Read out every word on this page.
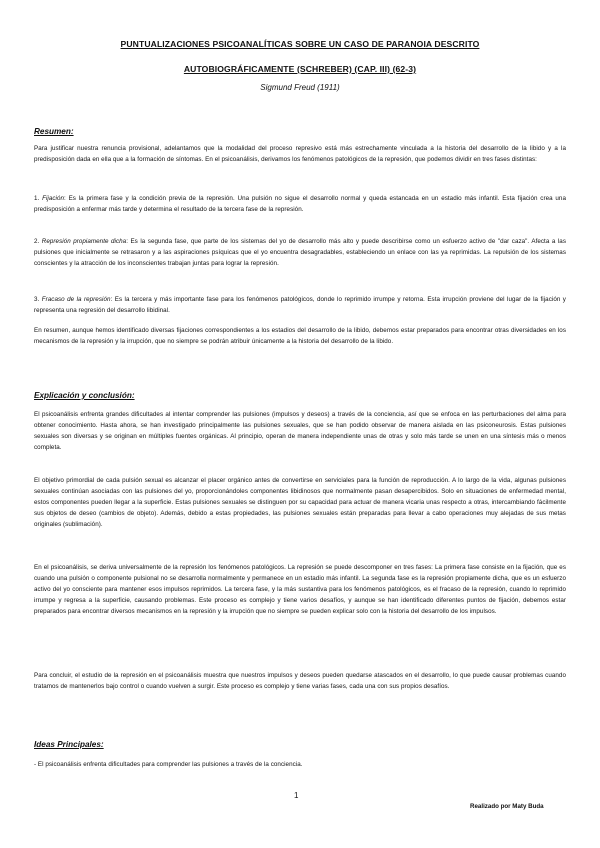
PUNTUALIZACIONES PSICOANALÍTICAS SOBRE UN CASO DE PARANOIA DESCRITO
AUTOBIOGRÁFICAMENTE (SCHREBER) (CAP. III) (62-3)
Sigmund Freud (1911)
Resumen:

Para justificar nuestra renuncia provisional, adelantamos que la modalidad del proceso represivo está más estrechamente vinculada a la historia del desarrollo de la libido y a la predisposición dada en ella que a la formación de síntomas. En el psicoanálisis, derivamos los fenómenos patológicos de la represión, que podemos dividir en tres fases distintas:

1. Fijación: Es la primera fase y la condición previa de la represión. Una pulsión no sigue el desarrollo normal y queda estancada en un estadio más infantil. Esta fijación crea una predisposición a enfermar más tarde y determina el resultado de la tercera fase de la represión.

2. Represión propiamente dicha: Es la segunda fase, que parte de los sistemas del yo de desarrollo más alto y puede describirse como un esfuerzo activo de "dar caza". Afecta a las pulsiones que inicialmente se retrasaron y a las aspiraciones psíquicas que el yo encuentra desagradables, estableciendo un enlace con las ya reprimidas. La repulsión de los sistemas conscientes y la atracción de los inconscientes trabajan juntas para lograr la represión.

3. Fracaso de la represión: Es la tercera y más importante fase para los fenómenos patológicos, donde lo reprimido irrumpe y retorna. Esta irrupción proviene del lugar de la fijación y representa una regresión del desarrollo libidinal.

En resumen, aunque hemos identificado diversas fijaciones correspondientes a los estadios del desarrollo de la libido, debemos estar preparados para encontrar otras diversidades en los mecanismos de la represión y la irrupción, que no siempre se podrán atribuir únicamente a la historia del desarrollo de la libido.

Explicación y conclusión:

El psicoanálisis enfrenta grandes dificultades al intentar comprender las pulsiones (impulsos y deseos) a través de la conciencia, así que se enfoca en las perturbaciones del alma para obtener conocimiento. Hasta ahora, se han investigado principalmente las pulsiones sexuales, que se han podido observar de manera aislada en las psiconeurosis. Estas pulsiones sexuales son diversas y se originan en múltiples fuentes orgánicas. Al principio, operan de manera independiente unas de otras y solo más tarde se unen en una síntesis más o menos completa.

El objetivo primordial de cada pulsión sexual es alcanzar el placer orgánico antes de convertirse en serviciales para la función de reproducción. A lo largo de la vida, algunas pulsiones sexuales continúan asociadas con las pulsiones del yo, proporcionándoles componentes libidinosos que normalmente pasan desapercibidos. Solo en situaciones de enfermedad mental, estos componentes pueden llegar a la superficie. Estas pulsiones sexuales se distinguen por su capacidad para actuar de manera vicaria unas respecto a otras, intercambiando fácilmente sus objetos de deseo (cambios de objeto). Además, debido a estas propiedades, las pulsiones sexuales están preparadas para llevar a cabo operaciones muy alejadas de sus metas originales (sublimación).

En el psicoanálisis, se deriva universalmente de la represión los fenómenos patológicos. La represión se puede descomponer en tres fases: La primera fase consiste en la fijación, que es cuando una pulsión o componente pulsional no se desarrolla normalmente y permanece en un estadio más infantil. La segunda fase es la represión propiamente dicha, que es un esfuerzo activo del yo consciente para mantener esos impulsos reprimidos. La tercera fase, y la más sustantiva para los fenómenos patológicos, es el fracaso de la represión, cuando lo reprimido irrumpe y regresa a la superficie, causando problemas. Este proceso es complejo y tiene varios desafíos, y aunque se han identificado diferentes puntos de fijación, debemos estar preparados para encontrar diversos mecanismos en la represión y la irrupción que no siempre se pueden explicar solo con la historia del desarrollo de los impulsos.

Para concluir, el estudio de la represión en el psicoanálisis muestra que nuestros impulsos y deseos pueden quedarse atascados en el desarrollo, lo que puede causar problemas cuando tratamos de mantenerlos bajo control o cuando vuelven a surgir. Este proceso es complejo y tiene varias fases, cada una con sus propios desafíos.

Ideas Principales:

- El psicoanálisis enfrenta dificultades para comprender las pulsiones a través de la conciencia.

1
Realizado por Maty Buda
